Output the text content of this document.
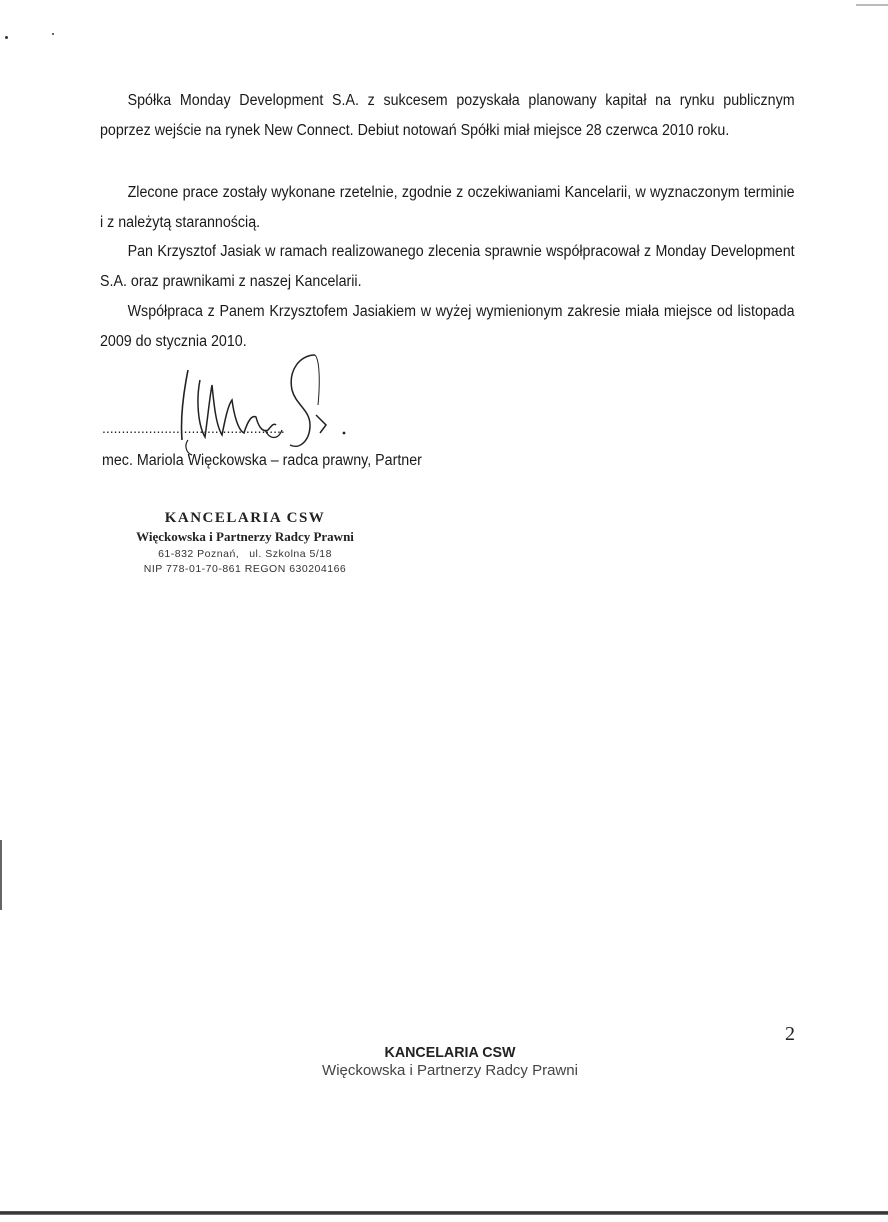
Spółka Monday Development S.A. z sukcesem pozyskała planowany kapitał na rynku publicznym poprzez wejście na rynek New Connect. Debiut notowań Spółki miał miejsce 28 czerwca 2010 roku.

Zlecone prace zostały wykonane rzetelnie, zgodnie z oczekiwaniami Kancelarii, w wyznaczonym terminie i z należytą starannością.

Pan Krzysztof Jasiak w ramach realizowanego zlecenia sprawnie współpracował z Monday Development S.A. oraz prawnikami z naszej Kancelarii.

Współpraca z Panem Krzysztofem Jasiakiem w wyżej wymienionym zakresie miała miejsce od listopada 2009 do stycznia 2010.

...............................................
mec. Mariola Więckowska – radca prawny, Partner
KANCELARIA CSW
Więckowska i Partnerzy Radcy Prawni
61-832 Poznań, ul. Szkolna 5/18
NIP 778-01-70-861 REGON 630204166
2
KANCELARIA CSW
Więckowska i Partnerzy Radcy Prawni
